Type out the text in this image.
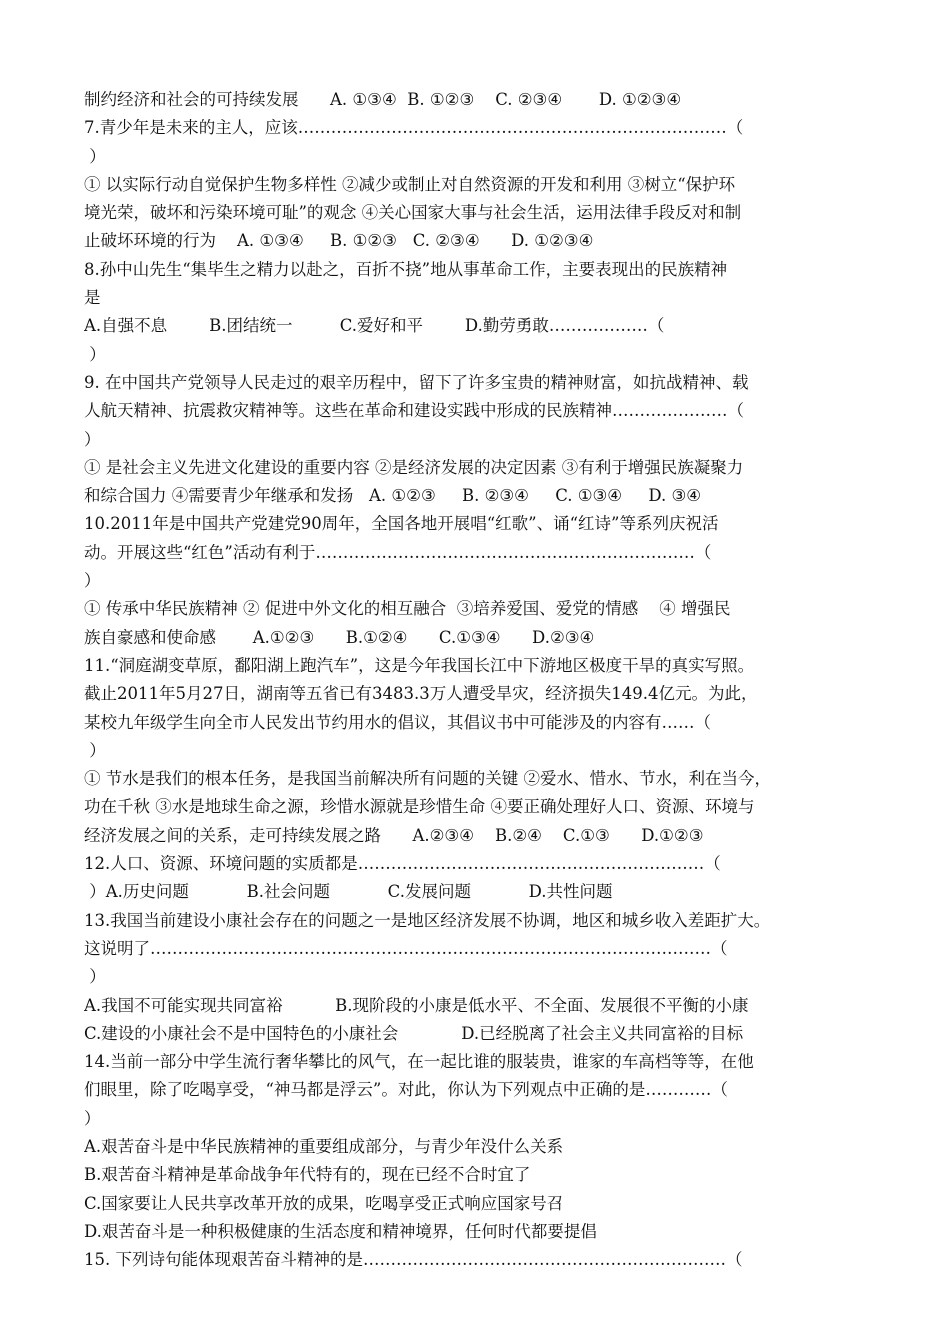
制约经济和社会的可持续发展      A. ①③④  B. ①②③    C. ②③④       D. ①②③④
7.青少年是未来的主人，应该……………………………………………………………………（
）
① 以实际行动自觉保护生物多样性 ②减少或制止对自然资源的开发和利用 ③树立“保护环
境光荣，破坏和污染环境可耻”的观念 ④关心国家大事与社会生活，运用法律手段反对和制
止破坏环境的行为    A. ①③④     B. ①②③   C. ②③④      D. ①②③④
8.孙中山先生“集毕生之精力以赴之，百折不挠”地从事革命工作，主要表现出的民族精神
是
A.自强不息        B.团结统一         C.爱好和平        D.勤劳勇敢………………（
）
9. 在中国共产党领导人民走过的艰辛历程中，留下了许多宝贵的精神财富，如抗战精神、载
人航天精神、抗震救灾精神等。这些在革命和建设实践中形成的民族精神…………………（
）
① 是社会主义先进文化建设的重要内容 ②是经济发展的决定因素 ③有利于增强民族凝聚力
和综合国力 ④需要青少年继承和发扬   A. ①②③     B. ②③④     C. ①③④     D. ③④
10.2011年是中国共产党建党90周年，全国各地开展唱“红歌”、诵“红诗”等系列庆祝活
动。开展这些“红色”活动有利于……………………………………………………………（
）
① 传承中华民族精神 ② 促进中外文化的相互融合  ③培养爱国、爱党的情感    ④ 增强民
族自豪感和使命感       A.①②③      B.①②④      C.①③④      D.②③④
11.“洞庭湖变草原，鄱阳湖上跑汽车”，这是今年我国长江中下游地区极度干旱的真实写照。
截止2011年5月27日，湖南等五省已有3483.3万人遭受旱灾，经济损失149.4亿元。为此，
某校九年级学生向全市人民发出节约用水的倡议，其倡议书中可能涉及的内容有……（
）
① 节水是我们的根本任务，是我国当前解决所有问题的关键 ②爱水、惜水、节水，利在当今，
功在千秋 ③水是地球生命之源，珍惜水源就是珍惜生命 ④要正确处理好人口、资源、环境与
经济发展之间的关系，走可持续发展之路      A.②③④    B.②④    C.①③      D.①②③
12.人口、资源、环境问题的实质都是………………………………………………………（
）A.历史问题           B.社会问题           C.发展问题           D.共性问题
13.我国当前建设小康社会存在的问题之一是地区经济发展不协调，地区和城乡收入差距扩大。
这说明了…………………………………………………………………………………………（
）
A.我国不可能实现共同富裕          B.现阶段的小康是低水平、不全面、发展很不平衡的小康
C.建设的小康社会不是中国特色的小康社会            D.已经脱离了社会主义共同富裕的目标
14.当前一部分中学生流行奢华攀比的风气，在一起比谁的服装贵，谁家的车高档等等，在他
们眼里，除了吃喝享受，“神马都是浮云”。对此，你认为下列观点中正确的是…………（
）
A.艰苦奋斗是中华民族精神的重要组成部分，与青少年没什么关系
B.艰苦奋斗精神是革命战争年代特有的，现在已经不合时宜了
C.国家要让人民共享改革开放的成果，吃喝享受正式响应国家号召
D.艰苦奋斗是一种积极健康的生活态度和精神境界，任何时代都要提倡
15. 下列诗句能体现艰苦奋斗精神的是…………………………………………………………（
